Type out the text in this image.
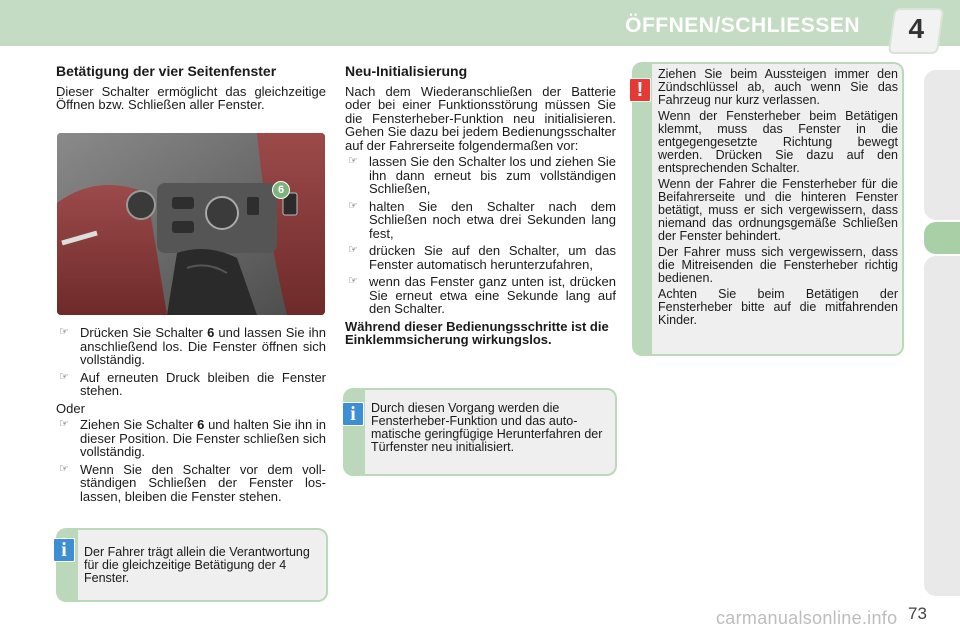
ÖFFNEN/SCHLIESSEN	4
Betätigung der vier Seitenfenster

Dieser Schalter ermöglicht das gleichzeitige Öffnen bzw. Schließen aller Fenster.

6
☞ Drücken Sie Schalter 6 und lassen Sie ihn anschließend los. Die Fenster öffnen sich vollständig.
☞ Auf erneuten Druck bleiben die Fenster stehen.

Oder

☞ Ziehen Sie Schalter 6 und halten Sie ihn in dieser Position. Die Fenster schließen sich vollständig.
☞ Wenn Sie den Schalter vor dem vollständigen Schließen der Fenster loslassen, bleiben die Fenster stehen.
Der Fahrer trägt allein die Verantwortung für die gleichzeitige Betätigung der 4 Fenster.
i
Neu-Initialisierung

Nach dem Wiederanschließen der Batterie oder bei einer Funktionsstörung müssen Sie die Fensterheber-Funktion neu initialisieren. Gehen Sie dazu bei jedem Bedienungsschalter auf der Fahrerseite folgendermaßen vor:

☞ lassen Sie den Schalter los und ziehen Sie ihn dann erneut bis zum vollständigen Schließen,
☞ halten Sie den Schalter nach dem Schließen noch etwa drei Sekunden lang fest,
☞ drücken Sie auf den Schalter, um das Fenster automatisch herunterzufahren,
☞ wenn das Fenster ganz unten ist, drücken Sie erneut etwa eine Sekunde lang auf den Schalter.

Während dieser Bedienungsschritte ist die Einklemmsicherung wirkungslos.

Durch diesen Vorgang werden die Fensterheber-Funktion und das automatische geringfügige Herunterfahren der Türfenster neu initialisiert.
i

Ziehen Sie beim Aussteigen immer den Zündschlüssel ab, auch wenn Sie das Fahrzeug nur kurz verlassen.

Wenn der Fensterheber beim Betätigen klemmt, muss das Fenster in die entgegengesetzte Richtung bewegt werden. Drücken Sie dazu auf den entsprechenden Schalter.

Wenn der Fahrer die Fensterheber für die Beifahrerseite und die hinteren Fenster betätigt, muss er sich vergewissern, dass niemand das ordnungsgemäße Schließen der Fenster behindert.

Der Fahrer muss sich vergewissern, dass die Mitreisenden die Fensterheber richtig bedienen.

Achten Sie beim Betätigen der Fensterheber bitte auf die mitfahrenden Kinder.

!
carmanualsonline.info 73
